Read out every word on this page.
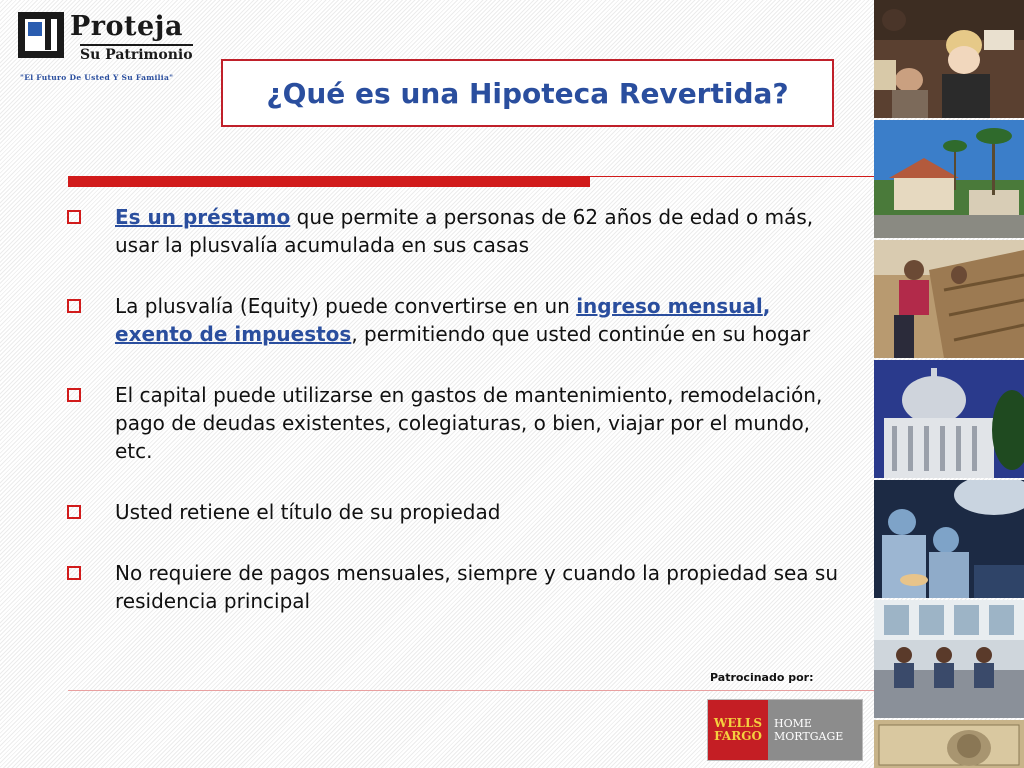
Proteja
Su Patrimonio
"El Futuro De Usted Y Su Familia"	¿Qué es una Hipoteca Revertida?
Es un préstamo que permite a personas de 62 años de edad o más, usar la plusvalía acumulada en sus casas
La plusvalía (Equity) puede convertirse en un ingreso mensual, exento de impuestos, permitiendo que usted continúe en su hogar
El capital puede utilizarse en gastos de mantenimiento, remodelación, pago de deudas existentes, colegiaturas, o bien, viajar por el mundo, etc.
Usted retiene el título de su propiedad
No requiere de pagos mensuales, siempre y cuando la propiedad sea su residencia principal
Patrocinado por:
WELLS
FARGO
HOME
MORTGAGE
